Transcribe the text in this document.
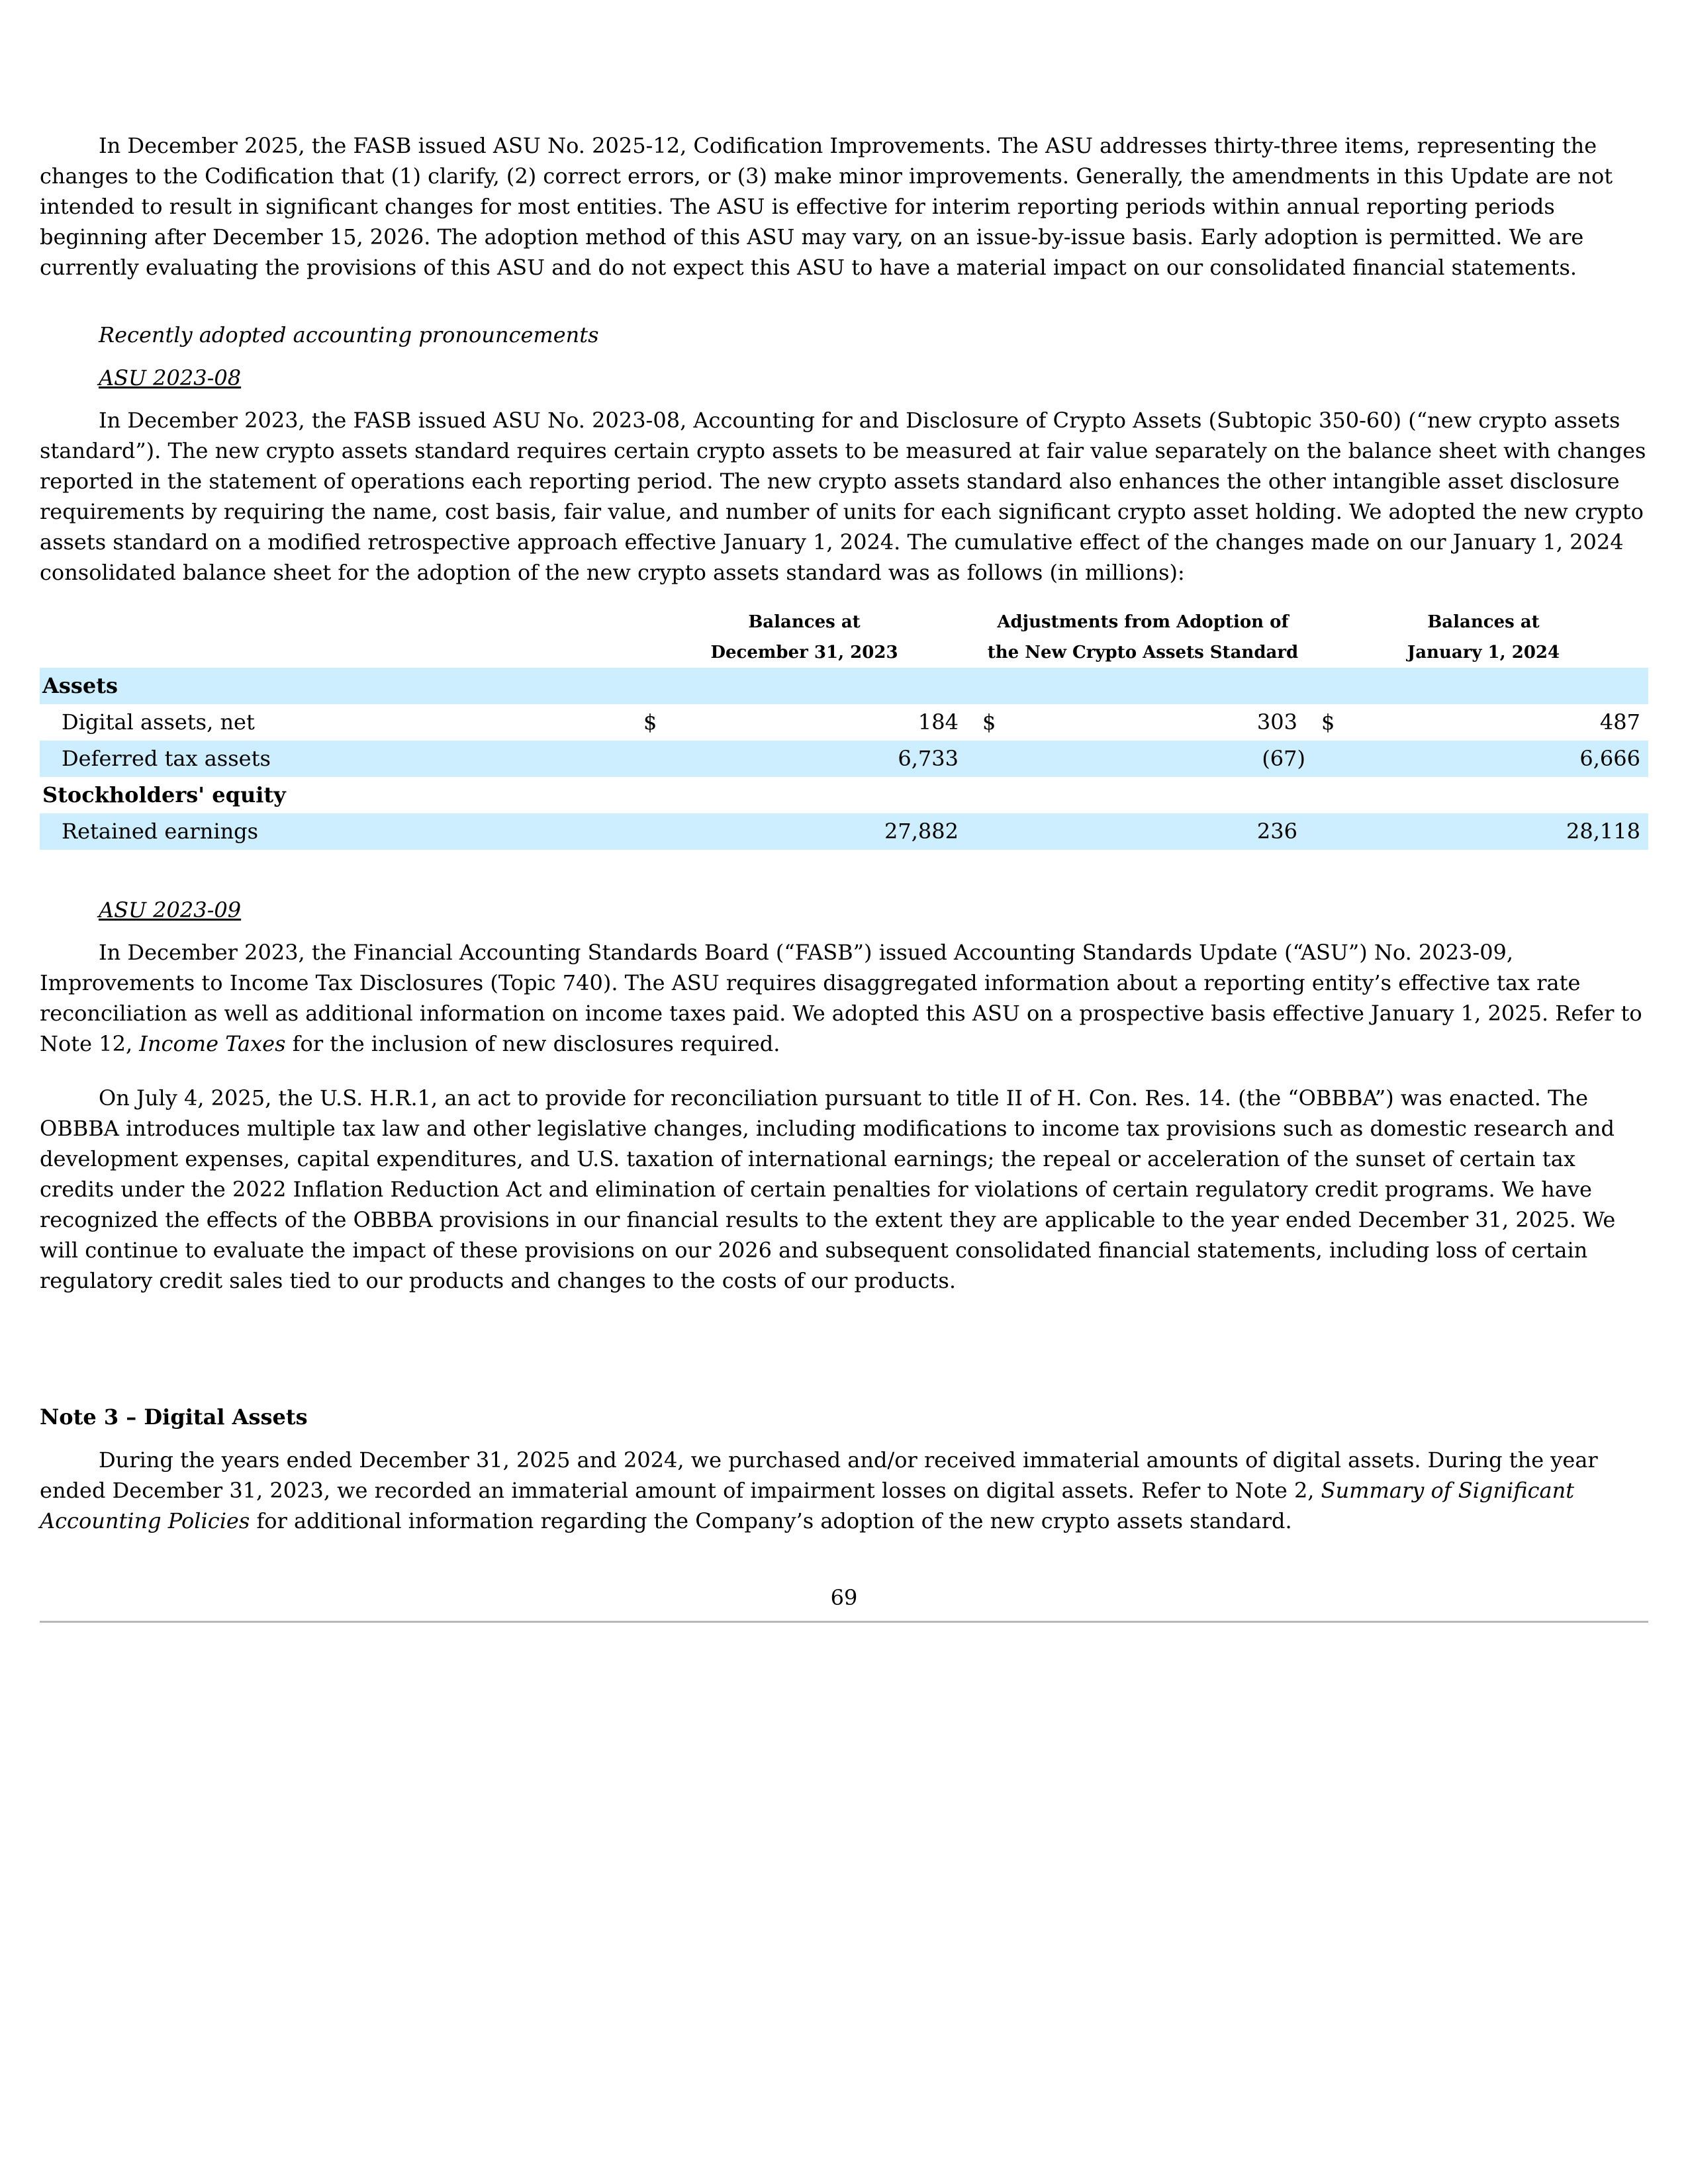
In December 2025, the FASB issued ASU No. 2025-12, Codification Improvements. The ASU addresses thirty-three items, representing the changes to the Codification that (1) clarify, (2) correct errors, or (3) make minor improvements. Generally, the amendments in this Update are not intended to result in significant changes for most entities. The ASU is effective for interim reporting periods within annual reporting periods beginning after December 15, 2026. The adoption method of this ASU may vary, on an issue-by-issue basis. Early adoption is permitted. We are currently evaluating the provisions of this ASU and do not expect this ASU to have a material impact on our consolidated financial statements.

Recently adopted accounting pronouncements
ASU 2023-08

In December 2023, the FASB issued ASU No. 2023-08, Accounting for and Disclosure of Crypto Assets (Subtopic 350-60) (“new crypto assets standard”). The new crypto assets standard requires certain crypto assets to be measured at fair value separately on the balance sheet with changes reported in the statement of operations each reporting period. The new crypto assets standard also enhances the other intangible asset disclosure requirements by requiring the name, cost basis, fair value, and number of units for each significant crypto asset holding. We adopted the new crypto assets standard on a modified retrospective approach effective January 1, 2024. The cumulative effect of the changes made on our January 1, 2024 consolidated balance sheet for the adoption of the new crypto assets standard was as follows (in millions):

Balances at
December 31, 2023
Adjustments from Adoption of
the New Crypto Assets Standard
Balances at
January 1, 2024
Assets
Digital assets, net	$	184 $	303 $	487
Deferred tax assets	6,733	(67)	6,666
Stockholders' equity
Retained earnings	27,882	236	28,118
ASU 2023-09

In December 2023, the Financial Accounting Standards Board (“FASB”) issued Accounting Standards Update (“ASU”) No. 2023-09, Improvements to Income Tax Disclosures (Topic 740). The ASU requires disaggregated information about a reporting entity’s effective tax rate reconciliation as well as additional information on income taxes paid. We adopted this ASU on a prospective basis effective January 1, 2025. Refer to Note 12, Income Taxes for the inclusion of new disclosures required.

On July 4, 2025, the U.S. H.R.1, an act to provide for reconciliation pursuant to title II of H. Con. Res. 14. (the “OBBBA”) was enacted. The OBBBA introduces multiple tax law and other legislative changes, including modifications to income tax provisions such as domestic research and development expenses, capital expenditures, and U.S. taxation of international earnings; the repeal or acceleration of the sunset of certain tax credits under the 2022 Inflation Reduction Act and elimination of certain penalties for violations of certain regulatory credit programs. We have recognized the effects of the OBBBA provisions in our financial results to the extent they are applicable to the year ended December 31, 2025. We will continue to evaluate the impact of these provisions on our 2026 and subsequent consolidated financial statements, including loss of certain regulatory credit sales tied to our products and changes to the costs of our products.

Note 3 – Digital Assets

During the years ended December 31, 2025 and 2024, we purchased and/or received immaterial amounts of digital assets. During the year ended December 31, 2023, we recorded an immaterial amount of impairment losses on digital assets. Refer to Note 2, Summary of Significant Accounting Policies for additional information regarding the Company’s adoption of the new crypto assets standard.

69
